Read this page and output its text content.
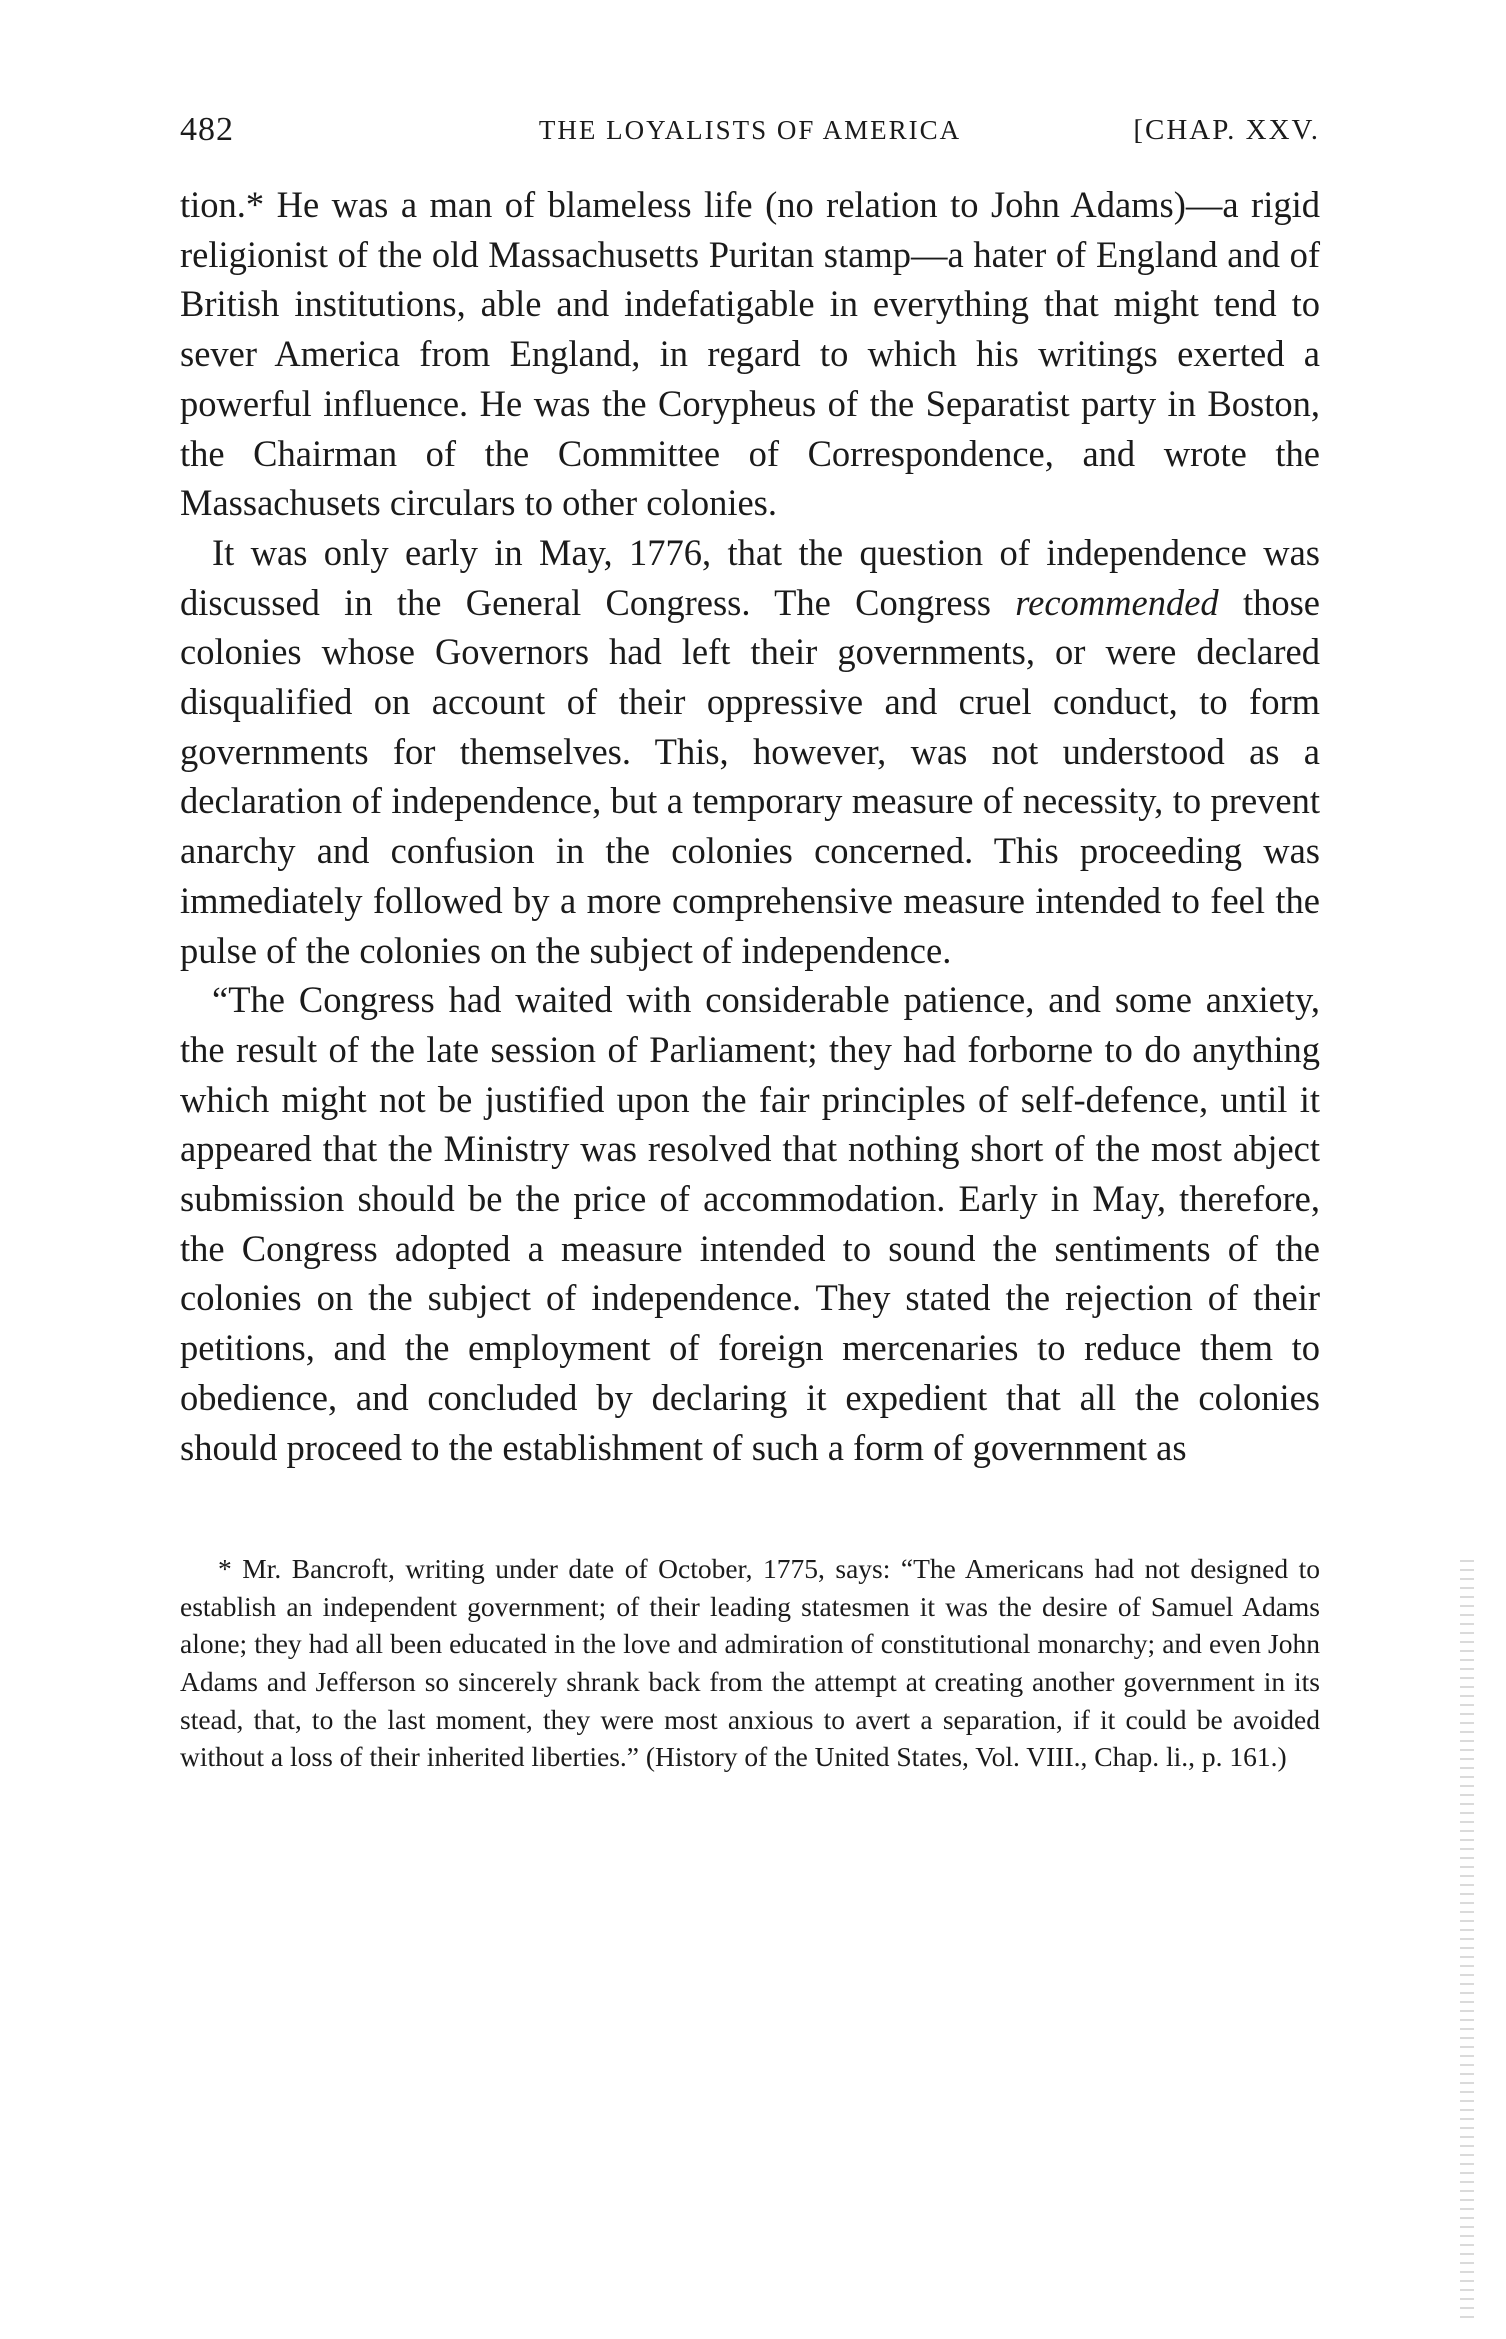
482	THE LOYALISTS OF AMERICA	[CHAP. XXV.

tion.* He was a man of blameless life (no relation to John Adams)—a rigid religionist of the old Massachusetts Puritan stamp—a hater of England and of British institutions, able and indefatigable in everything that might tend to sever America from England, in regard to which his writings exerted a powerful influence. He was the Corypheus of the Separatist party in Boston, the Chairman of the Committee of Correspondence, and wrote the Massachusets circulars to other colonies.

It was only early in May, 1776, that the question of independence was discussed in the General Congress. The Congress recommended those colonies whose Governors had left their governments, or were declared disqualified on account of their oppressive and cruel conduct, to form governments for themselves. This, however, was not understood as a declaration of independence, but a temporary measure of necessity, to prevent anarchy and confusion in the colonies concerned. This proceeding was immediately followed by a more comprehensive measure intended to feel the pulse of the colonies on the subject of independence.

“The Congress had waited with considerable patience, and some anxiety, the result of the late session of Parliament; they had forborne to do anything which might not be justified upon the fair principles of self-defence, until it appeared that the Ministry was resolved that nothing short of the most abject submission should be the price of accommodation. Early in May, therefore, the Congress adopted a measure intended to sound the sentiments of the colonies on the subject of independence. They stated the rejection of their petitions, and the employment of foreign mercenaries to reduce them to obedience, and concluded by declaring it expedient that all the colonies should proceed to the establishment of such a form of government as

* Mr. Bancroft, writing under date of October, 1775, says: “The Americans had not designed to establish an independent government; of their leading statesmen it was the desire of Samuel Adams alone; they had all been educated in the love and admiration of constitutional monarchy; and even John Adams and Jefferson so sincerely shrank back from the attempt at creating another government in its stead, that, to the last moment, they were most anxious to avert a separation, if it could be avoided without a loss of their inherited liberties.” (History of the United States, Vol. VIII., Chap. li., p. 161.)
